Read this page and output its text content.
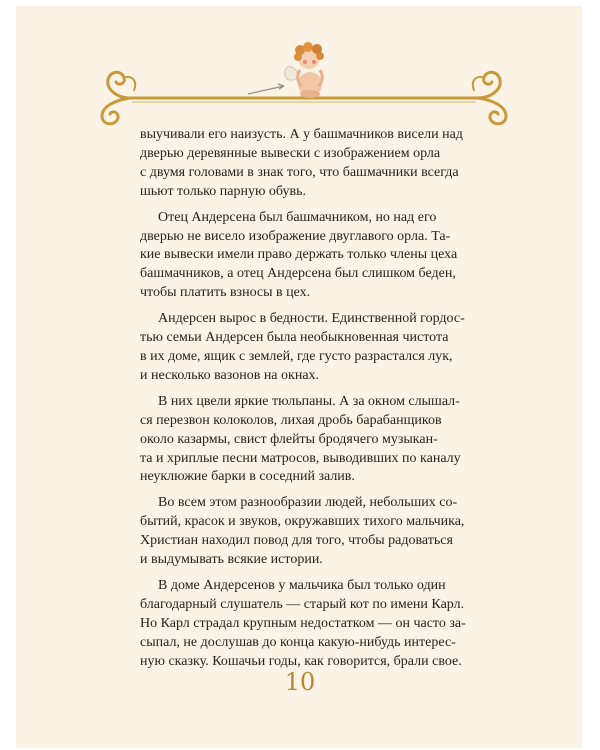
выучивали его наизусть. А у башмачников висели над
дверью деревянные вывески с изображением орла
с двумя головами в знак того, что башмачники всегда
шьют только парную обувь.

Отец Андерсена был башмачником, но над его
дверью не висело изображение двуглавого орла. Та-
кие вывески имели право держать только члены цеха
башмачников, а отец Андерсена был слишком беден,
чтобы платить взносы в цех.

Андерсен вырос в бедности. Единственной гордос-
тью семьи Андерсен была необыкновенная чистота
в их доме, ящик с землей, где густо разрастался лук,
и несколько вазонов на окнах.

В них цвели яркие тюльпаны. А за окном слышал-
ся перезвон колоколов, лихая дробь барабанщиков
около казармы, свист флейты бродячего музыкан-
та и хриплые песни матросов, выводивших по каналу
неуклюжие барки в соседний залив.

Во всем этом разнообразии людей, небольших со-
бытий, красок и звуков, окружавших тихого мальчика,
Христиан находил повод для того, чтобы радоваться
и выдумывать всякие истории.

В доме Андерсенов у мальчика был только один
благодарный слушатель — старый кот по имени Карл.
Но Карл страдал крупным недостатком — он часто за-
сыпал, не дослушав до конца какую-нибудь интерес-
ную сказку. Кошачьи годы, как говорится, брали свое.

10
